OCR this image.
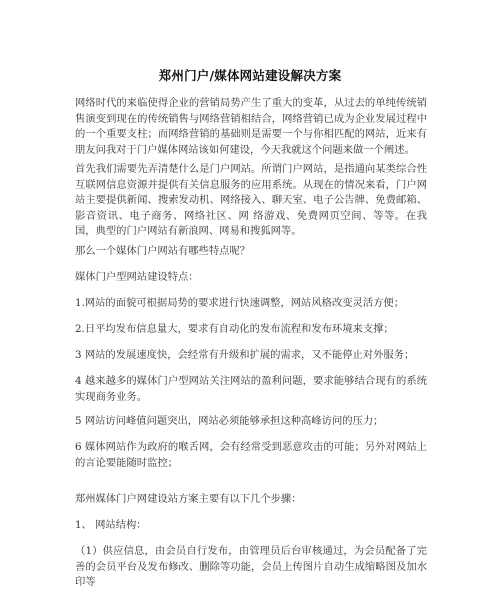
郑州门户/媒体网站建设解决方案

网络时代的来临使得企业的营销局势产生了重大的变革，从过去的单纯传统销售演变到现在的传统销售与网络营销相结合，网络营销已成为企业发展过程中的一个重要支柱；而网络营销的基础则是需要一个与你相匹配的网站，近来有朋友问我对于门户媒体网站该如何建设，今天我就这个问题来做一个阐述。

首先我们需要先弄清楚什么是门户网站。所谓门户网站，是指通向某类综合性互联网信息资源并提供有关信息服务的应用系统。从现在的情况来看，门户网站主要提供新闻、搜索发动机、网络接入、聊天室、电子公告牌、免费邮箱、影音资讯、电子商务、网络社区、网 络游戏、免费网页空间、等等。在我国，典型的门户网站有新浪网、网易和搜狐网等。

那么一个媒体门户网站有哪些特点呢？

媒体门户型网站建设特点：

1.网站的面貌可根据局势的要求进行快速调整，网站风格改变灵活方便；

2.日平均发布信息量大，要求有自动化的发布流程和发布环境来支撑；

3 网站的发展速度快，会经常有升级和扩展的需求，又不能停止对外服务；

4 越来越多的媒体门户型网站关注网站的盈利问题，要求能够结合现有的系统实现商务业务。

5 网站访问峰值问题突出，网站必须能够承担这种高峰访问的压力；

6 媒体网站作为政府的喉舌网，会有经常受到恶意攻击的可能；另外对网站上的言论要能随时监控；

郑州媒体门户网建设站方案主要有以下几个步骤：

1、 网站结构：

（1）供应信息，由会员自行发布，由管理员后台审核通过，为会员配备了完善的会员平台及发布修改、删除等功能，会员上传图片自动生成缩略图及加水印等
